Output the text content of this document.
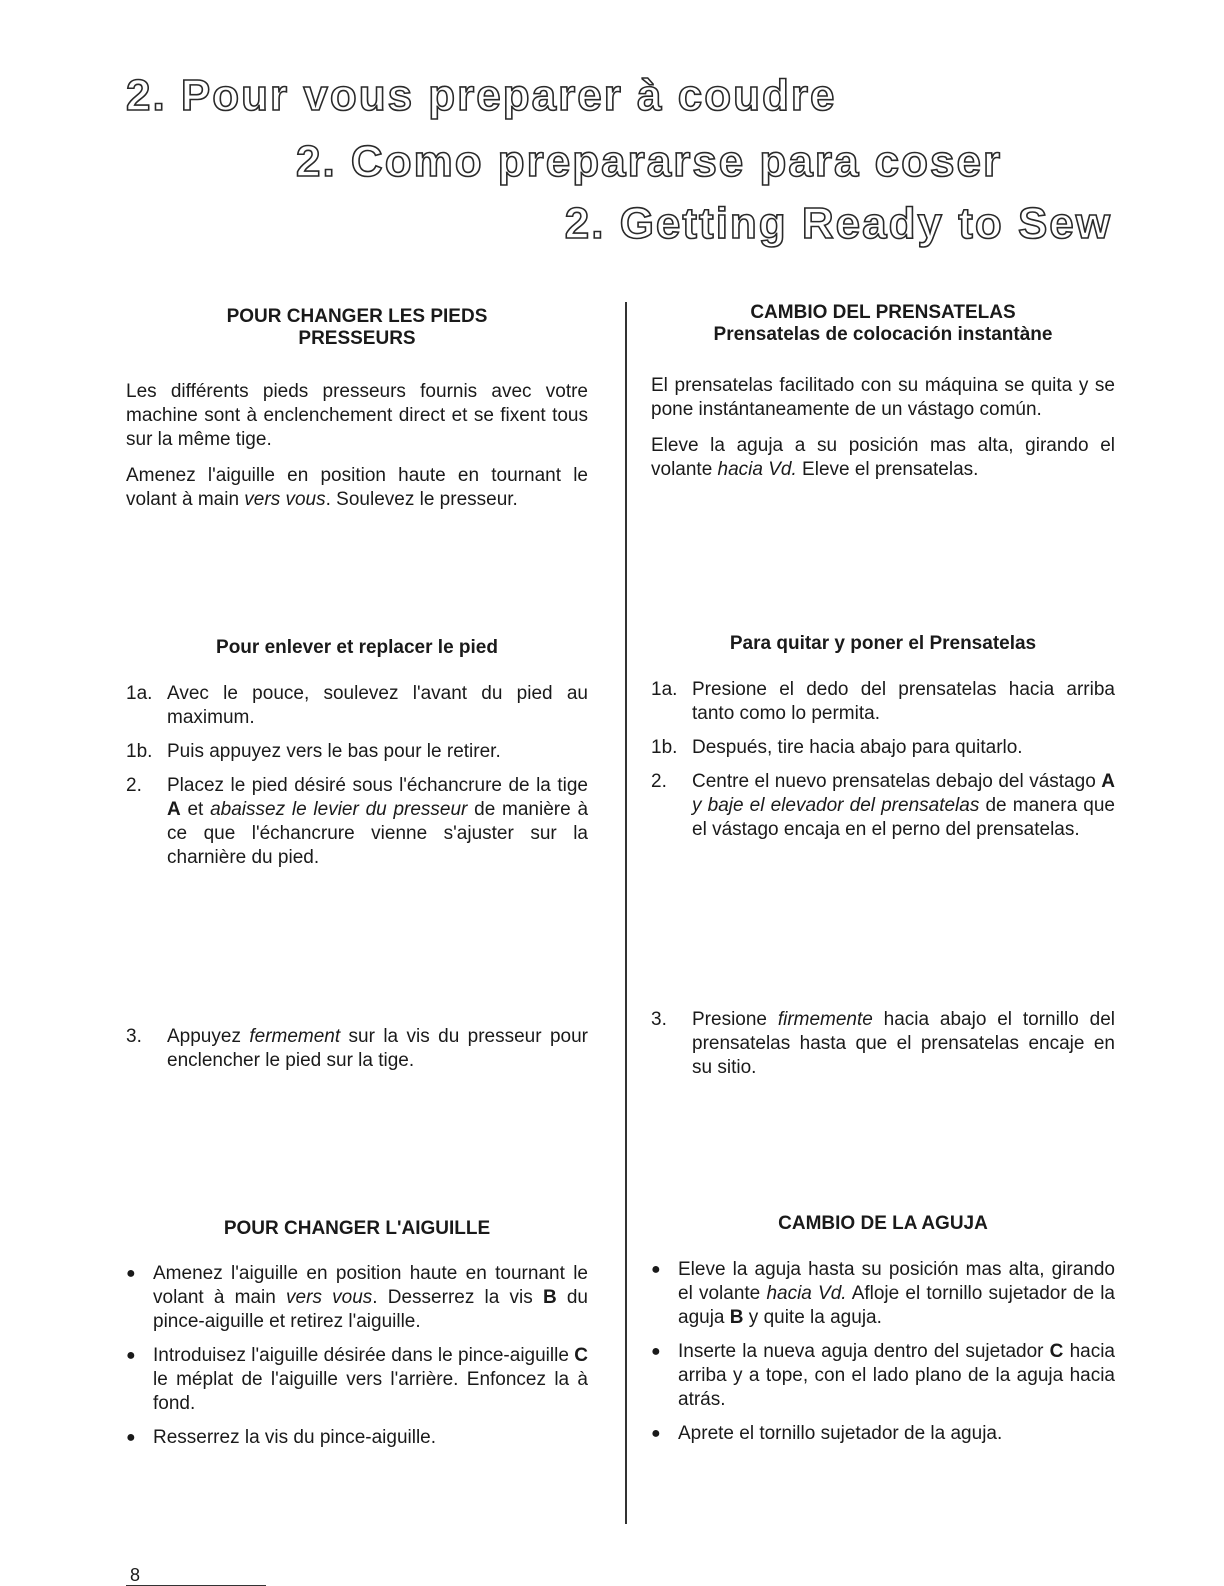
2. Pour vous preparer à coudre
2. Como prepararse para coser
2. Getting Ready to Sew
POUR CHANGER LES PIEDS
PRESSEURS

Les différents pieds presseurs fournis avec votre machine sont à enclenchement direct et se fixent tous sur la même tige.

Amenez l'aiguille en position haute en tournant le volant à main vers vous. Soulevez le presseur.

Pour enlever et replacer le pied
1a. Avec le pouce, soulevez l'avant du pied au maximum.
1b. Puis appuyez vers le bas pour le retirer.
2.	Placez le pied désiré sous l'échancrure de la tige A et abaissez le levier du presseur de manière à ce que l'échancrure vienne s'ajuster sur la charnière du pied.
3.	Appuyez fermement sur la vis du presseur pour enclencher le pied sur la tige.
POUR CHANGER L'AIGUILLE
● Amenez l'aiguille en position haute en tournant le volant à main vers vous. Desserrez la vis B du pince-aiguille et retirez l'aiguille.
● Introduisez l'aiguille désirée dans le pince-aiguille C le méplat de l'aiguille vers l'arrière. Enfoncez la à fond.
● Resserrez la vis du pince-aiguille.
CAMBIO DEL PRENSATELAS
Prensatelas de colocación instantàne

El prensatelas facilitado con su máquina se quita y se pone instántaneamente de un vástago común.

Eleve la aguja a su posición mas alta, girando el volante hacia Vd. Eleve el prensatelas.

Para quitar y poner el Prensatelas
1a. Presione el dedo del prensatelas hacia arriba tanto como lo permita.
1b. Después, tire hacia abajo para quitarlo.
2.	Centre el nuevo prensatelas debajo del vástago A y baje el elevador del prensatelas de manera que el vástago encaja en el perno del prensatelas.
3.	Presione firmemente hacia abajo el tornillo del prensatelas hasta que el prensatelas encaje en su sitio.
CAMBIO DE LA AGUJA
● Eleve la aguja hasta su posición mas alta, girando el volante hacia Vd. Afloje el tornillo sujetador de la aguja B y quite la aguja.
● Inserte la nueva aguja dentro del sujetador C hacia arriba y a tope, con el lado plano de la aguja hacia atrás.
● Aprete el tornillo sujetador de la aguja.
8
